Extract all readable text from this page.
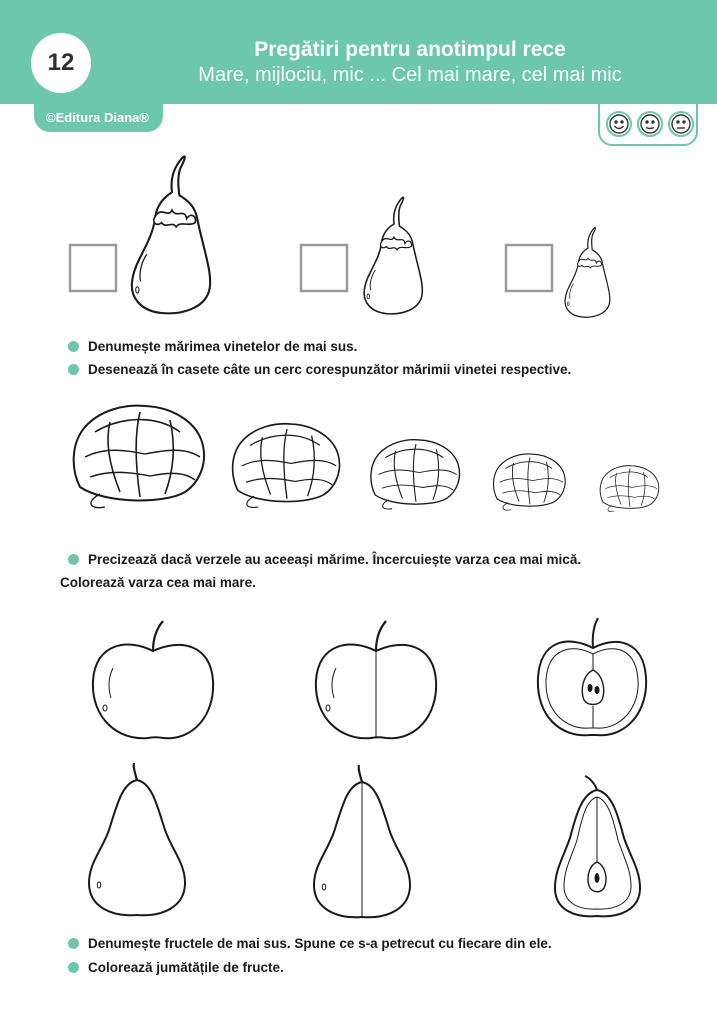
12	Pregătiri pentru anotimpul rece
Mare, mijlociu, mic ... Cel mai mare, cel mai mic
©Editura Diana®
Denumește mărimea vinetelor de mai sus.
Desenează în casete câte un cerc corespunzător mărimii vinetei respective.
Precizează dacă verzele au aceeași mărime. Încercuiește varza cea mai mică.
Colorează varza cea mai mare.
Denumește fructele de mai sus. Spune ce s-a petrecut cu fiecare din ele.
Colorează jumătățile de fructe.
